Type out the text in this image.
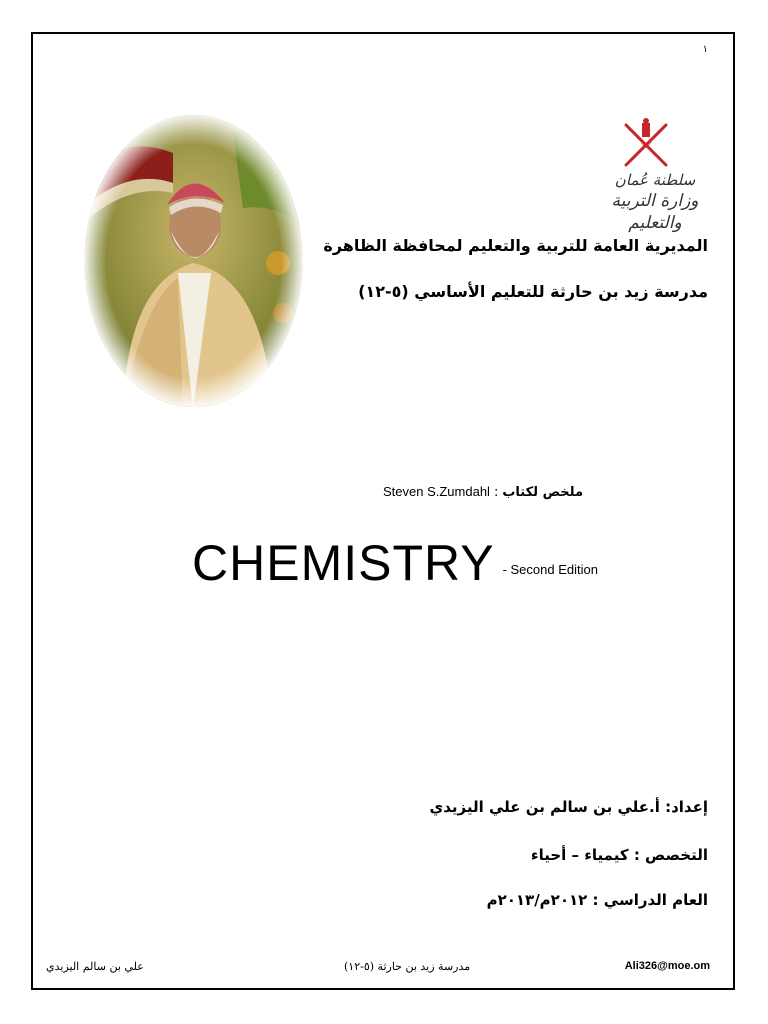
١
سلطنة عُمان
وزارة التربية والتعليم
المديرية العامة للتربية والتعليم لمحافظة الظاهرة
مدرسة زيد بن حارثة للتعليم الأساسي (٥-١٢)
Steven S.Zumdahl : ملخص لكتاب
CHEMISTRY $^{- Second Edition}$
إعداد: أ.علي بن سالم بن علي اليزيدي
التخصص : كيمياء – أحياء
العام الدراسي : ٢٠١٢م/٢٠١٣م
Ali326@moe.om
مدرسة زيد بن حارثة (٥-١٢)
علي بن سالم اليزيدي
